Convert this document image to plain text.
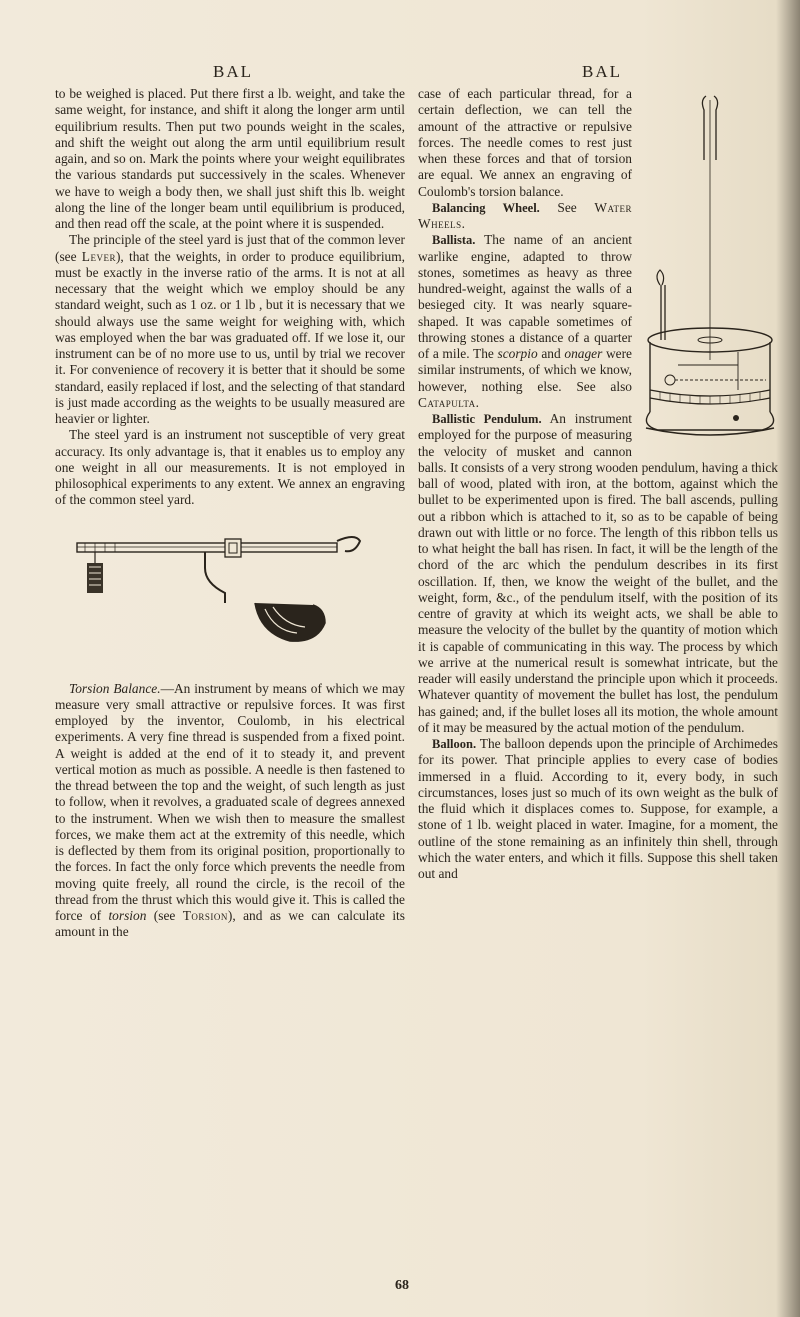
BAL	BAL

to be weighed is placed. Put there first a lb. weight, and take the same weight, for instance, and shift it along the longer arm until equilibrium results. Then put two pounds weight in the scales, and shift the weight out along the arm until equilibrium result again, and so on. Mark the points where your weight equilibrates the various standards put successively in the scales. Whenever we have to weigh a body then, we shall just shift this lb. weight along the line of the longer beam until equilibrium is produced, and then read off the scale, at the point where it is suspended.

The principle of the steel yard is just that of the common lever (see Lever), that the weights, in order to produce equilibrium, must be exactly in the inverse ratio of the arms. It is not at all necessary that the weight which we employ should be any standard weight, such as 1 oz. or 1 lb , but it is necessary that we should always use the same weight for weighing with, which was employed when the bar was graduated off. If we lose it, our instrument can be of no more use to us, until by trial we recover it. For convenience of recovery it is better that it should be some standard, easily replaced if lost, and the selecting of that standard is just made according as the weights to be usually measured are heavier or lighter.

The steel yard is an instrument not susceptible of very great accuracy. Its only advantage is, that it enables us to employ any one weight in all our measurements. It is not employed in philosophical experiments to any extent. We annex an engraving of the common steel yard.

Torsion Balance.—An instrument by means of which we may measure very small attractive or repulsive forces. It was first employed by the inventor, Coulomb, in his electrical experiments. A very fine thread is suspended from a fixed point. A weight is added at the end of it to steady it, and prevent vertical motion as much as possible. A needle is then fastened to the thread between the top and the weight, of such length as just to follow, when it revolves, a graduated scale of degrees annexed to the instrument. When we wish then to measure the smallest forces, we make them act at the extremity of this needle, which is deflected by them from its original position, proportionally to the forces. In fact the only force which prevents the needle from moving quite freely, all round the circle, is the recoil of the thread from the thrust which this would give it. This is called the force of torsion (see Torsion), and as we can calculate its amount in the

case of each particular thread, for a certain deflection, we can tell the amount of the attractive or repulsive forces. The needle comes to rest just when these forces and that of torsion are equal. We annex an engraving of Coulomb's torsion balance.

Balancing Wheel. See Water Wheels.

Ballista. The name of an ancient warlike engine, adapted to throw stones, sometimes as heavy as three hundred-weight, against the walls of a besieged city. It was nearly square-shaped. It was capable sometimes of throwing stones a distance of a quarter of a mile. The scorpio and onager were similar instruments, of which we know, however, nothing else. See also Catapulta.

Ballistic Pendulum. An instrument employed for the purpose of measuring the velocity of musket and cannon balls. It consists of a very strong wooden pendulum, having a thick ball of wood, plated with iron, at the bottom, against which the bullet to be experimented upon is fired. The ball ascends, pulling out a ribbon which is attached to it, so as to be capable of being drawn out with little or no force. The length of this ribbon tells us to what height the ball has risen. In fact, it will be the length of the chord of the arc which the pendulum describes in its first oscillation. If, then, we know the weight of the bullet, and the weight, form, &c., of the pendulum itself, with the position of its centre of gravity at which its weight acts, we shall be able to measure the velocity of the bullet by the quantity of motion which it is capable of communicating in this way. The process by which we arrive at the numerical result is somewhat intricate, but the reader will easily understand the principle upon which it proceeds. Whatever quantity of movement the bullet has lost, the pendulum has gained; and, if the bullet loses all its motion, the whole amount of it may be measured by the actual motion of the pendulum.

Balloon. The balloon depends upon the principle of Archimedes for its power. That principle applies to every case of bodies immersed in a fluid. According to it, every body, in such circumstances, loses just so much of its own weight as the bulk of the fluid which it displaces comes to. Suppose, for example, a stone of 1 lb. weight placed in water. Imagine, for a moment, the outline of the stone remaining as an infinitely thin shell, through which the water enters, and which it fills. Suppose this shell taken out and

68
